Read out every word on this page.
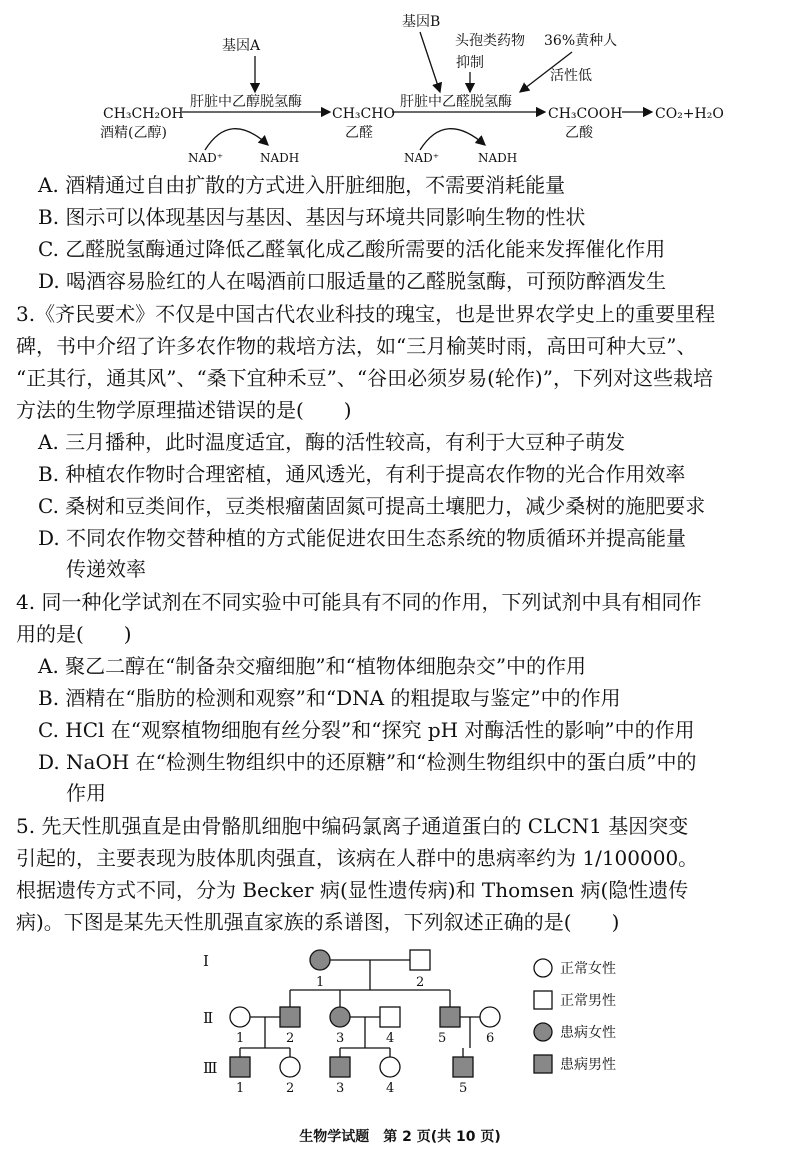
基因A
基因B
头孢类药物
抑制
36%黄种人
活性低
CH₃CH₂OH
酒精(乙醇)
肝脏中乙醇脱氢酶
NAD⁺	NADH
CH₃CHO
乙醛
肝脏中乙醛脱氢酶
NAD⁺	NADH
CH₃COOH
乙酸
CO₂+H₂O
A. 酒精通过自由扩散的方式进入肝脏细胞，不需要消耗能量
B. 图示可以体现基因与基因、基因与环境共同影响生物的性状
C. 乙醛脱氢酶通过降低乙醛氧化成乙酸所需要的活化能来发挥催化作用
D. 喝酒容易脸红的人在喝酒前口服适量的乙醛脱氢酶，可预防醉酒发生
3.《齐民要术》不仅是中国古代农业科技的瑰宝，也是世界农学史上的重要里程
碑，书中介绍了许多农作物的栽培方法，如“三月榆荚时雨，高田可种大豆”、
“正其行，通其风”、“桑下宜种禾豆”、“谷田必须岁易(轮作)”，下列对这些栽培
方法的生物学原理描述错误的是(　　)
A. 三月播种，此时温度适宜，酶的活性较高，有利于大豆种子萌发
B. 种植农作物时合理密植，通风透光，有利于提高农作物的光合作用效率
C. 桑树和豆类间作，豆类根瘤菌固氮可提高土壤肥力，减少桑树的施肥要求
D. 不同农作物交替种植的方式能促进农田生态系统的物质循环并提高能量
传递效率
4. 同一种化学试剂在不同实验中可能具有不同的作用，下列试剂中具有相同作
用的是(　　)
A. 聚乙二醇在“制备杂交瘤细胞”和“植物体细胞杂交”中的作用
B. 酒精在“脂肪的检测和观察”和“DNA 的粗提取与鉴定”中的作用
C. HCl 在“观察植物细胞有丝分裂”和“探究 pH 对酶活性的影响”中的作用
D. NaOH 在“检测生物组织中的还原糖”和“检测生物组织中的蛋白质”中的
作用
5. 先天性肌强直是由骨骼肌细胞中编码氯离子通道蛋白的 CLCN1 基因突变
引起的，主要表现为肢体肌肉强直，该病在人群中的患病率约为 1/100000。
根据遗传方式不同，分为 Becker 病(显性遗传病)和 Thomsen 病(隐性遗传
病)。下图是某先天性肌强直家族的系谱图，下列叙述正确的是(　　)
I
Ⅱ
Ⅲ
1	2
1	2	3	4	5	6
1	2	3	4	5
正常女性
正常男性
患病女性
患病男性
生物学试题　第 2 页(共 10 页)
